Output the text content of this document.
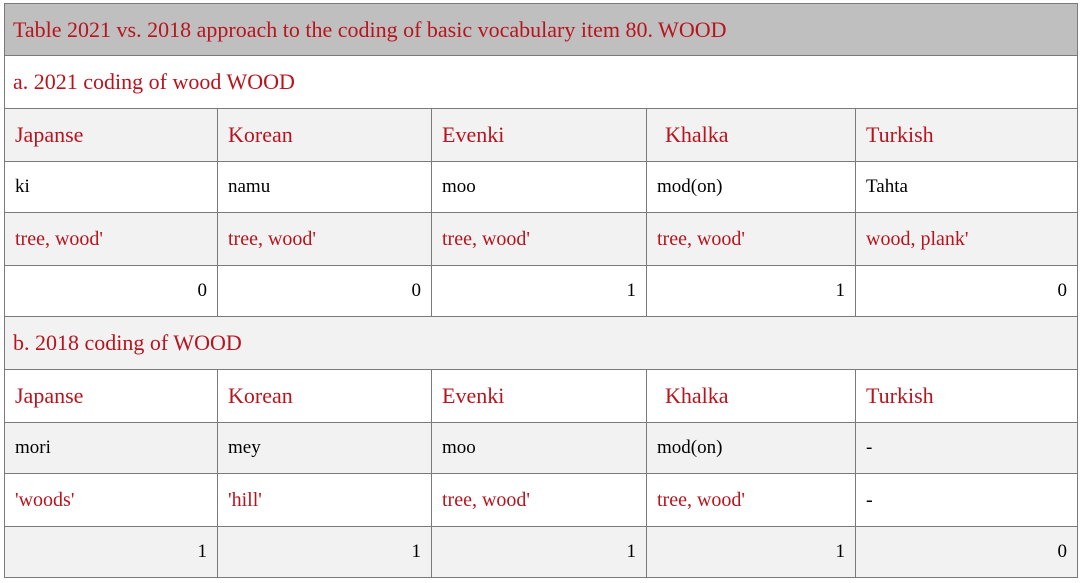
Table 2021 vs. 2018 approach to the coding of basic vocabulary item 80. WOOD				
a. 2021 coding of wood WOOD				
Japanse	Korean	Evenki	Khalka	Turkish
ki	namu	moo	mod(on)	Tahta
tree, wood'	tree, wood'	tree, wood'	tree, wood'	wood, plank'
0	0	1	1	0
b. 2018 coding of WOOD				
Japanse	Korean	Evenki	Khalka	Turkish
mori	mey	moo	mod(on)	-
'woods'	'hill'	tree, wood'	tree, wood'	-
1	1	1	1	0
